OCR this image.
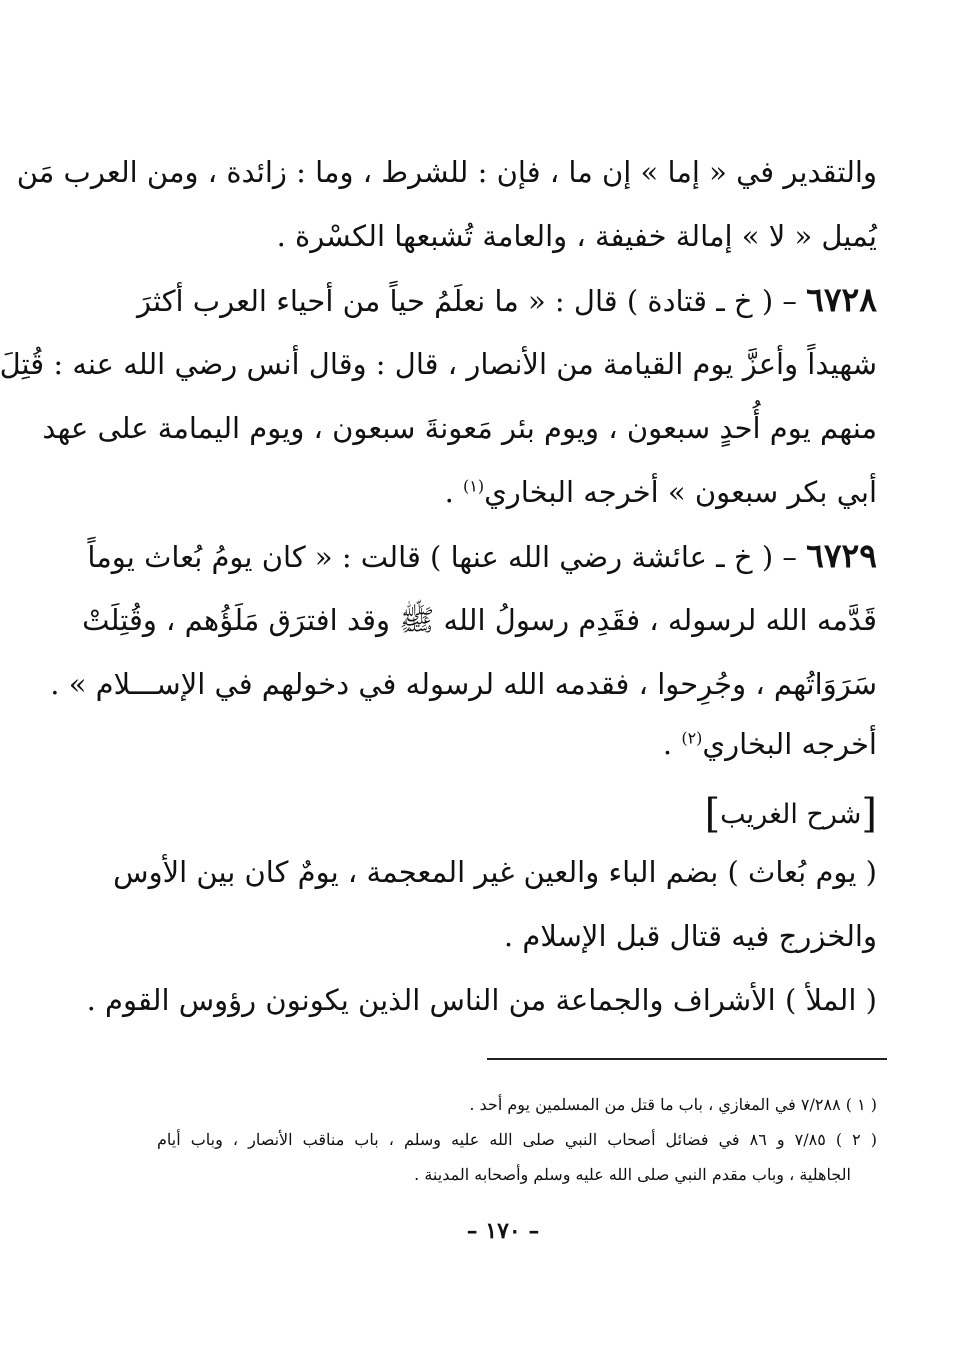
والتقدير في « إما » إن ما ، فإن : للشرط ، وما : زائدة ، ومن العرب مَن
يُميل « لا » إمالة خفيفة ، والعامة تُشبعها الكسْرة .
٦٧٢٨ – ( خ ـ قتادة ) قال : « ما نعلَمُ حياً من أحياء العرب أكثرَ
شهيداً وأعزَّ يوم القيامة من الأنصار ، قال : وقال أنس رضي الله عنه : قُتِلَ
منهم يوم أُحدٍ سبعون ، ويوم بئر مَعونةَ سبعون ، ويوم اليمامة على عهد
أبي بكر سبعون » أخرجه البخاري$^{(١)}$ .
٦٧٢٩ – ( خ ـ عائشة رضي الله عنها ) قالت : « كان يومُ بُعاث يوماً
قَدَّمه الله لرسوله ، فقَدِم رسولُ الله ﷺ وقد افترَق مَلَؤُهم ، وقُتِلَتْ
سَرَوَاتُهم ، وجُرِحوا ، فقدمه الله لرسوله في دخولهم في الإســـلام » .
أخرجه البخاري$^{(٢)}$ .
[شرح الغريب]
( يوم بُعاث ) بضم الباء والعين غير المعجمة ، يومٌ كان بين الأوس
والخزرج فيه قتال قبل الإسلام .
( الملأ ) الأشراف والجماعة من الناس الذين يكونون رؤوس القوم .
( ١ ) ٧/٢٨٨ في المغازي ، باب ما قتل من المسلمين يوم أحد .
( ٢ ) ٧/٨٥ و ٨٦ في فضائل أصحاب النبي صلى الله عليه وسلم ، باب مناقب الأنصار ، وباب أيام
الجاهلية ، وباب مقدم النبي صلى الله عليه وسلم وأصحابه المدينة .
– ١٧٠ –
